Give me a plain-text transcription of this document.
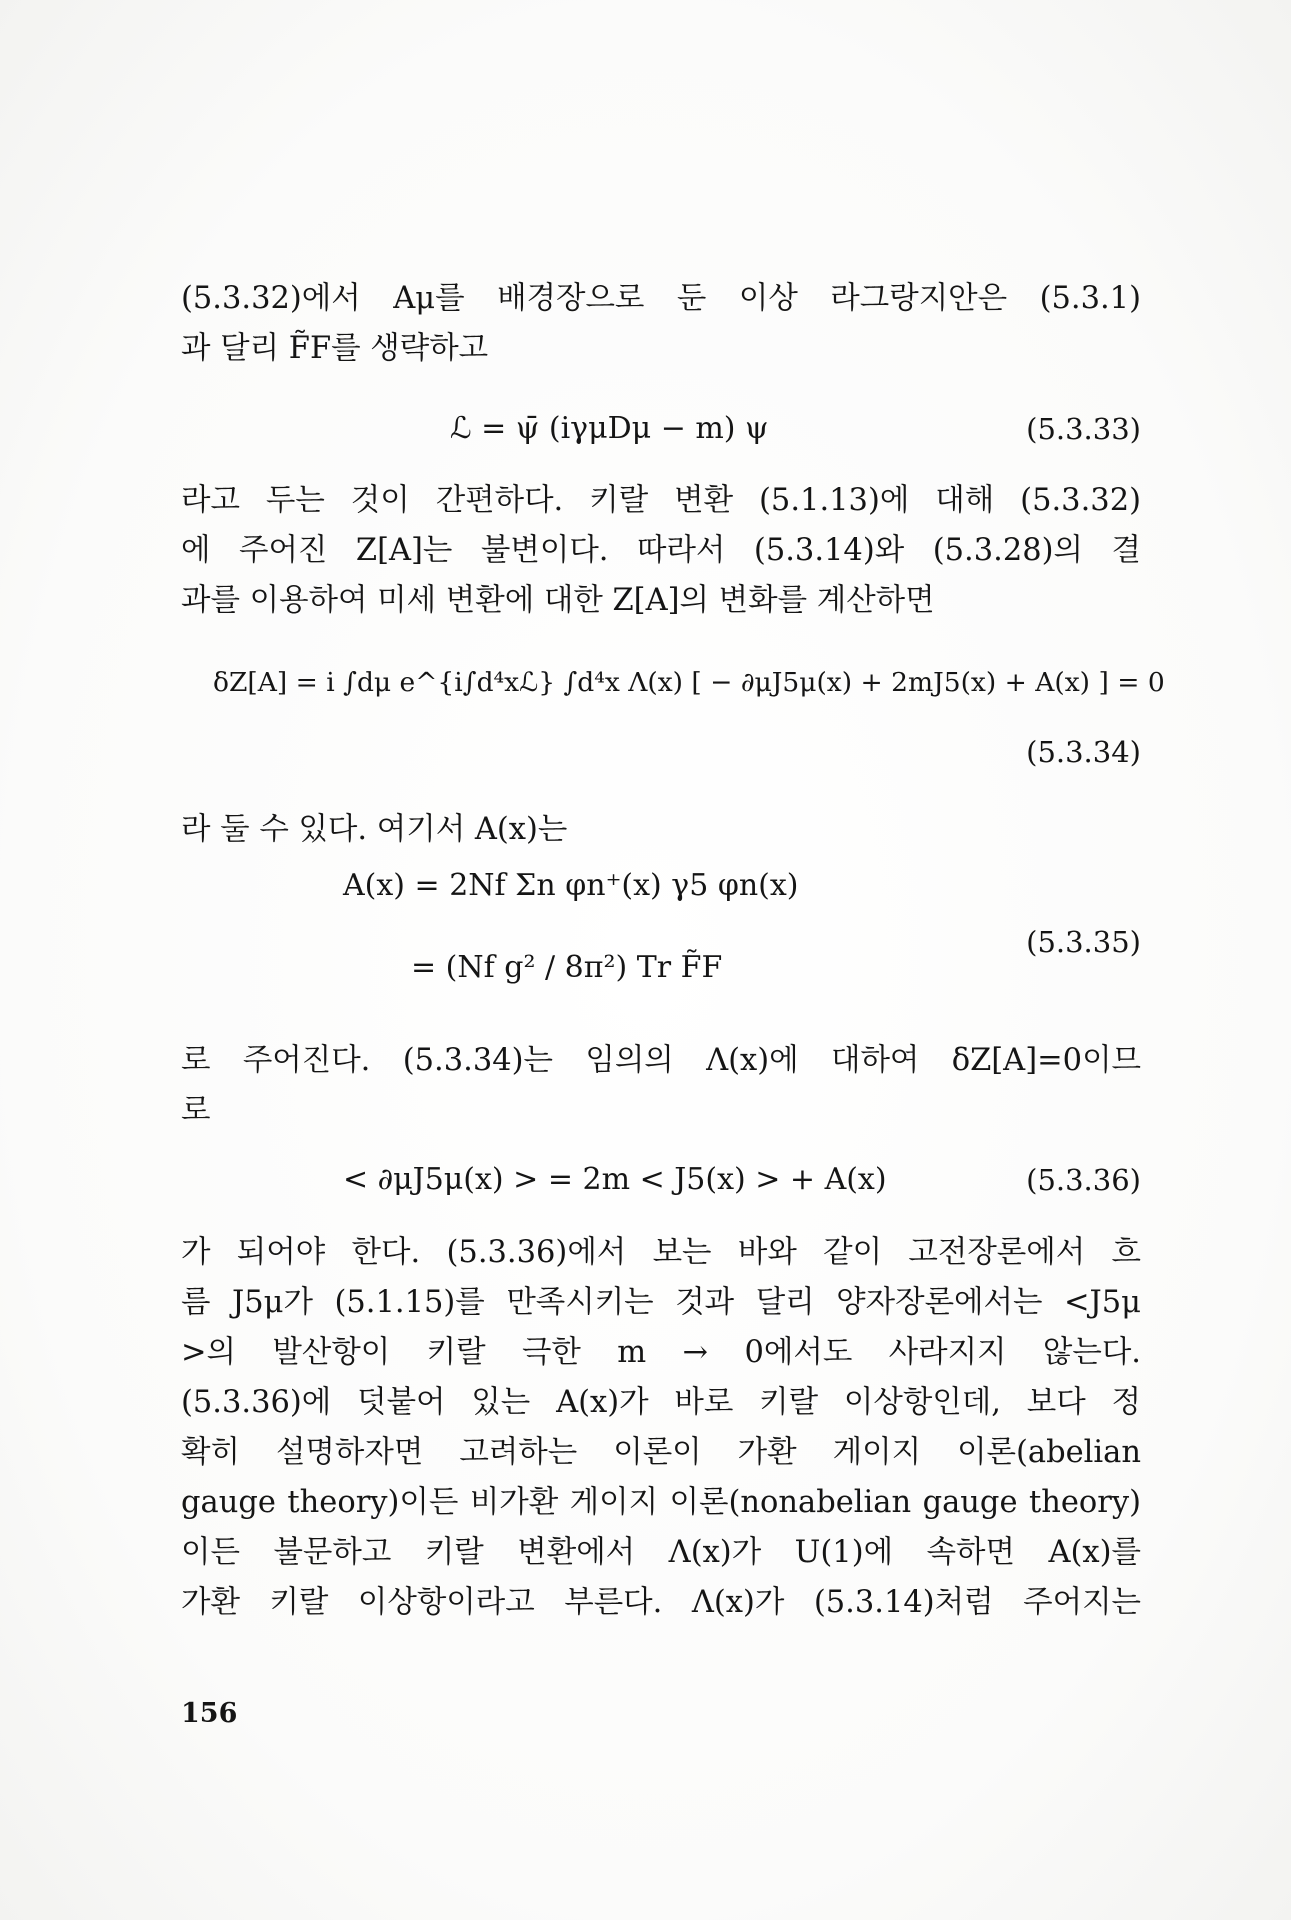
(5.3.32)에서 Aμ를 배경장으로 둔 이상 라그랑지안은 (5.3.1)
과 달리 F̃F를 생략하고
ℒ = ψ̄ (iγμDμ − m) ψ	(5.3.33)
라고 두는 것이 간편하다. 키랄 변환 (5.1.13)에 대해 (5.3.32)
에 주어진 Z[A]는 불변이다. 따라서 (5.3.14)와 (5.3.28)의 결
과를 이용하여 미세 변환에 대한 Z[A]의 변화를 계산하면
δZ[A] = i ∫dμ e^{i∫d⁴xℒ} ∫d⁴x Λ(x) [ − ∂μJ5μ(x) + 2mJ5(x) + A(x) ] = 0
(5.3.34)
라 둘 수 있다. 여기서 A(x)는
A(x) = 2Nf Σn φn⁺(x) γ5 φn(x)
= (Nf g² / 8π²) Tr F̃F
(5.3.35)
로 주어진다. (5.3.34)는 임의의 Λ(x)에 대하여 δZ[A]=0이므
로
< ∂μJ5μ(x) > = 2m < J5(x) > + A(x)	(5.3.36)
가 되어야 한다. (5.3.36)에서 보는 바와 같이 고전장론에서 흐
름 J5μ가 (5.1.15)를 만족시키는 것과 달리 양자장론에서는 <J5μ
>의 발산항이 키랄 극한 m → 0에서도 사라지지 않는다.
(5.3.36)에 덧붙어 있는 A(x)가 바로 키랄 이상항인데, 보다 정
확히 설명하자면 고려하는 이론이 가환 게이지 이론(abelian
gauge theory)이든 비가환 게이지 이론(nonabelian gauge theory)
이든 불문하고 키랄 변환에서 Λ(x)가 U(1)에 속하면 A(x)를
가환 키랄 이상항이라고 부른다. Λ(x)가 (5.3.14)처럼 주어지는
156
